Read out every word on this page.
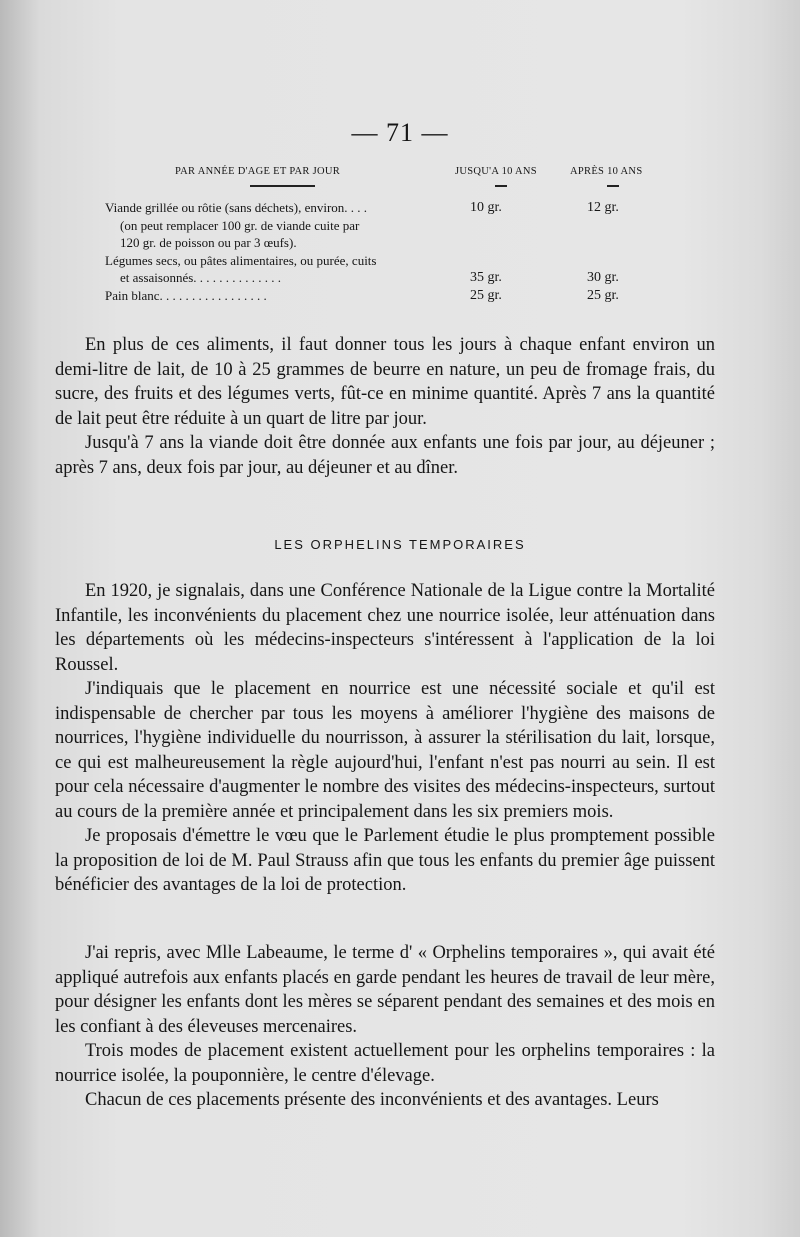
— 71 —
PAR ANNÉE D'AGE ET PAR JOUR	JUSQU'A 10 ANS	APRÈS 10 ANS
Viande grillée ou rôtie (sans déchets), environ. . . .	10 gr.	12 gr.
(on peut remplacer 100 gr. de viande cuite par
120 gr. de poisson ou par 3 œufs).
Légumes secs, ou pâtes alimentaires, ou purée, cuits
et assaisonnés. . . . . . . . . . . . . .	35 gr.	30 gr.
Pain blanc. . . . . . . . . . . . . . . . .	25 gr.	25 gr.

En plus de ces aliments, il faut donner tous les jours à chaque enfant environ un demi-litre de lait, de 10 à 25 grammes de beurre en nature, un peu de fromage frais, du sucre, des fruits et des légumes verts, fût-ce en minime quantité. Après 7 ans la quantité de lait peut être réduite à un quart de litre par jour.

Jusqu'à 7 ans la viande doit être donnée aux enfants une fois par jour, au déjeuner ; après 7 ans, deux fois par jour, au déjeuner et au dîner.

LES ORPHELINS TEMPORAIRES

En 1920, je signalais, dans une Conférence Nationale de la Ligue contre la Mortalité Infantile, les inconvénients du placement chez une nourrice isolée, leur atténuation dans les départements où les médecins-inspecteurs s'intéressent à l'application de la loi Roussel.

J'indiquais que le placement en nourrice est une nécessité sociale et qu'il est indispensable de chercher par tous les moyens à améliorer l'hygiène des maisons de nourrices, l'hygiène individuelle du nourrisson, à assurer la stérilisation du lait, lorsque, ce qui est malheureusement la règle aujourd'hui, l'enfant n'est pas nourri au sein. Il est pour cela nécessaire d'augmenter le nombre des visites des médecins-inspecteurs, surtout au cours de la première année et principalement dans les six premiers mois.

Je proposais d'émettre le vœu que le Parlement étudie le plus promptement possible la proposition de loi de M. Paul Strauss afin que tous les enfants du premier âge puissent bénéficier des avantages de la loi de protection.

J'ai repris, avec Mlle Labeaume, le terme d' « Orphelins temporaires », qui avait été appliqué autrefois aux enfants placés en garde pendant les heures de travail de leur mère, pour désigner les enfants dont les mères se séparent pendant des semaines et des mois en les confiant à des éleveuses mercenaires.

Trois modes de placement existent actuellement pour les orphelins temporaires : la nourrice isolée, la pouponnière, le centre d'élevage.

Chacun de ces placements présente des inconvénients et des avantages. Leurs
